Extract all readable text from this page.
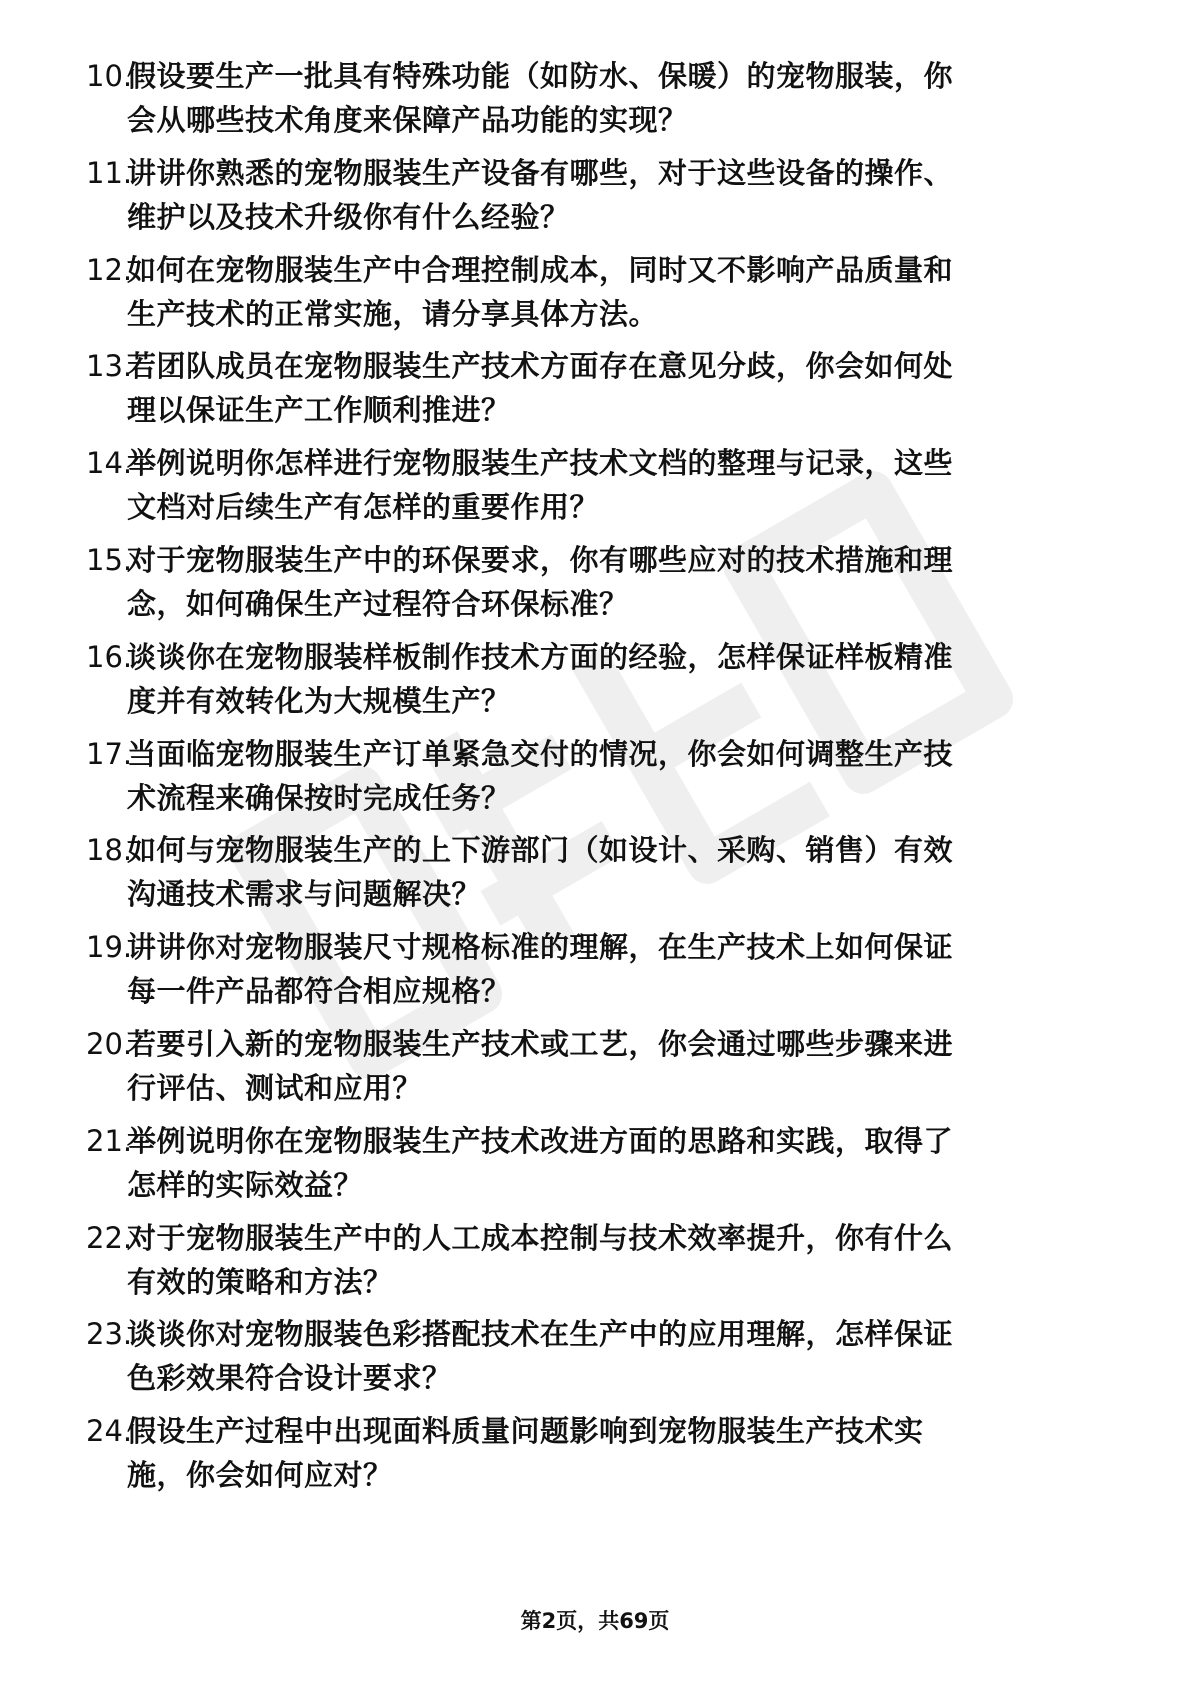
10.
假设要生产一批具有特殊功能（如防水、保暖）的宠物服装，你
会从哪些技术角度来保障产品功能的实现？
11.
讲讲你熟悉的宠物服装生产设备有哪些，对于这些设备的操作、
维护以及技术升级你有什么经验？
12.
如何在宠物服装生产中合理控制成本，同时又不影响产品质量和
生产技术的正常实施，请分享具体方法。
13.
若团队成员在宠物服装生产技术方面存在意见分歧，你会如何处
理以保证生产工作顺利推进？
14.
举例说明你怎样进行宠物服装生产技术文档的整理与记录，这些
文档对后续生产有怎样的重要作用？
15.
对于宠物服装生产中的环保要求，你有哪些应对的技术措施和理
念，如何确保生产过程符合环保标准？
16.
谈谈你在宠物服装样板制作技术方面的经验，怎样保证样板精准
度并有效转化为大规模生产？
17.
当面临宠物服装生产订单紧急交付的情况，你会如何调整生产技
术流程来确保按时完成任务？
18.
如何与宠物服装生产的上下游部门（如设计、采购、销售）有效
沟通技术需求与问题解决？
19.
讲讲你对宠物服装尺寸规格标准的理解，在生产技术上如何保证
每一件产品都符合相应规格？
20.
若要引入新的宠物服装生产技术或工艺，你会通过哪些步骤来进
行评估、测试和应用？
21.
举例说明你在宠物服装生产技术改进方面的思路和实践，取得了
怎样的实际效益？
22.
对于宠物服装生产中的人工成本控制与技术效率提升，你有什么
有效的策略和方法？
23.
谈谈你对宠物服装色彩搭配技术在生产中的应用理解，怎样保证
色彩效果符合设计要求？
24.
假设生产过程中出现面料质量问题影响到宠物服装生产技术实
施，你会如何应对？
第2页，共69页
